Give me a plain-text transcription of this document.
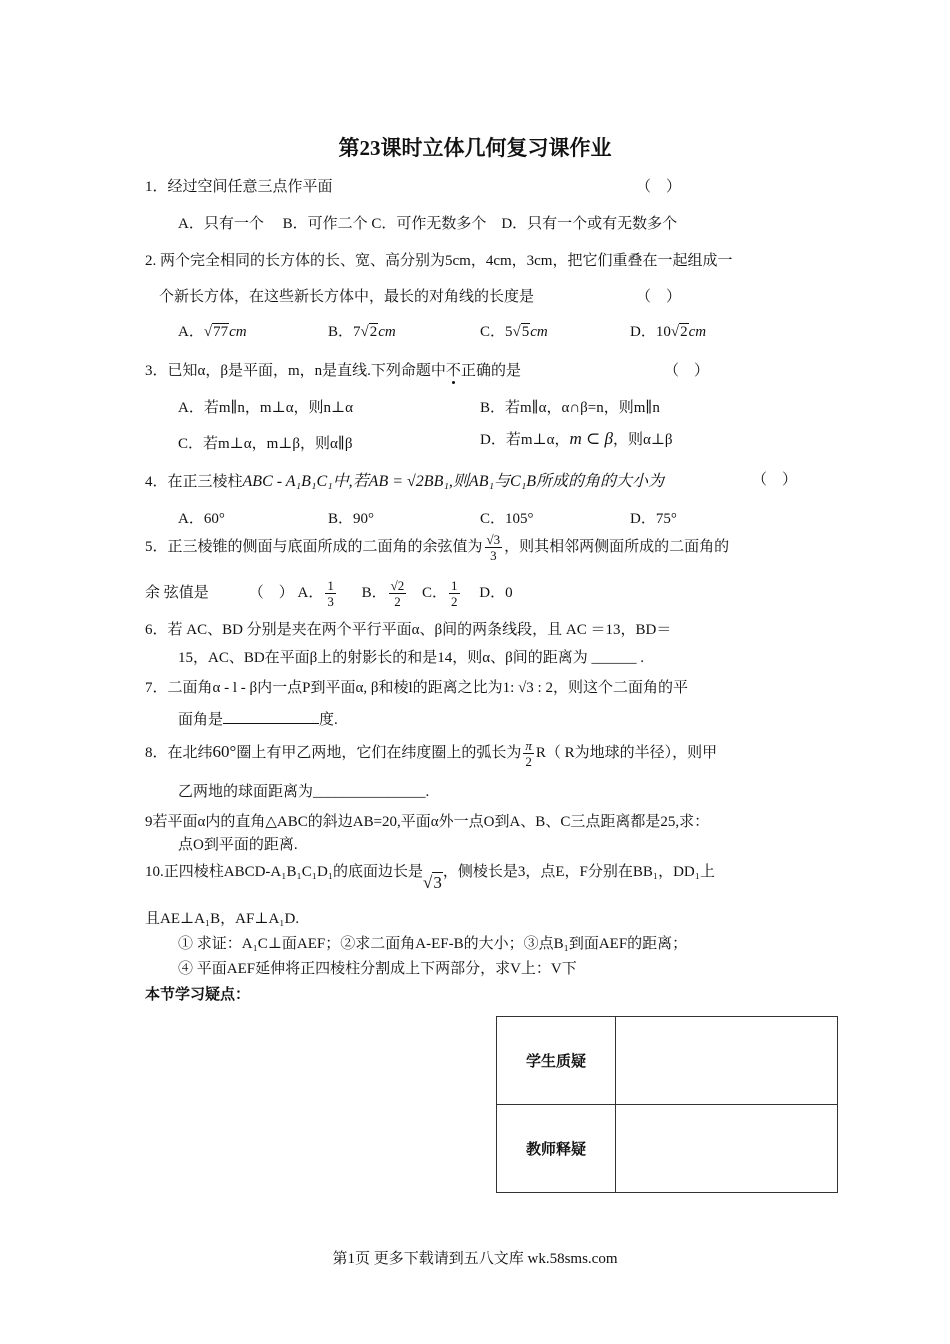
第23课时立体几何复习课作业
1．经过空间任意三点作平面	（　）
A．只有一个　 B．可作二个 C．可作无数多个　D．只有一个或有无数多个
2. 两个完全相同的长方体的长、宽、高分别为5cm，4cm，3cm，把它们重叠在一起组成一
个新长方体，在这些新长方体中，最长的对角线的长度是	（　）
A．√77cm	B．7√2cm	C．5√5cm	D．10√2cm
3．已知α，β是平面，m，n是直线.下列命题中不正确的是	（　）
A．若m∥n，m⊥α，则n⊥α	B．若m∥α，α∩β=n，则m∥n
C．若m⊥α，m⊥β，则α∥β	D．若m⊥α，m ⊂ β，则α⊥β
4．在正三棱柱ABC - A₁B₁C₁中,若AB = √2BB₁,则AB₁与C₁B所成的角的大小为	（　）
A．60°	B．90°	C．105°	D．75°
5．正三棱锥的侧面与底面所成的二面角的余弦值为 $\frac{√3}{3}$ ，则其相邻两侧面所成的二面角的
余 弦值是	（　） A． $\frac{1}{3}$ B． $\frac{√2}{2}$ C． $\frac{1}{2}$ D．0
6．若 AC、BD 分别是夹在两个平行平面α、β间的两条线段，且 AC ＝13，BD＝
15，AC、BD在平面β上的射影长的和是14，则α、β间的距离为 ______ .
7．二面角α - l - β内一点P到平面α, β和棱l的距离之比为1: √3 : 2，则这个二面角的平
面角是	度.
8．在北纬60°圈上有甲乙两地，它们在纬度圈上的弧长为 $\frac{\pi}{2} R$（ R为地球的半径），则甲
乙两地的球面距离为_______________.
9若平面α内的直角△ABC的斜边AB=20,平面α外一点O到A、B、C三点距离都是25,求：
点O到平面的距离.
10.正四棱柱ABCD-A₁B₁C₁D₁的底面边长是√3，侧棱长是3，点E，F分别在BB₁，DD₁上
且AE⊥A₁B，AF⊥A₁D.
① 求证：A₁C⊥面AEF；②求二面角A-EF-B的大小；③点B₁到面AEF的距离；
④ 平面AEF延伸将正四棱柱分割成上下两部分，求V上：V下
本节学习疑点：
学生质疑	
教师释疑	
第1页 更多下载请到五八文库 wk.58sms.com
